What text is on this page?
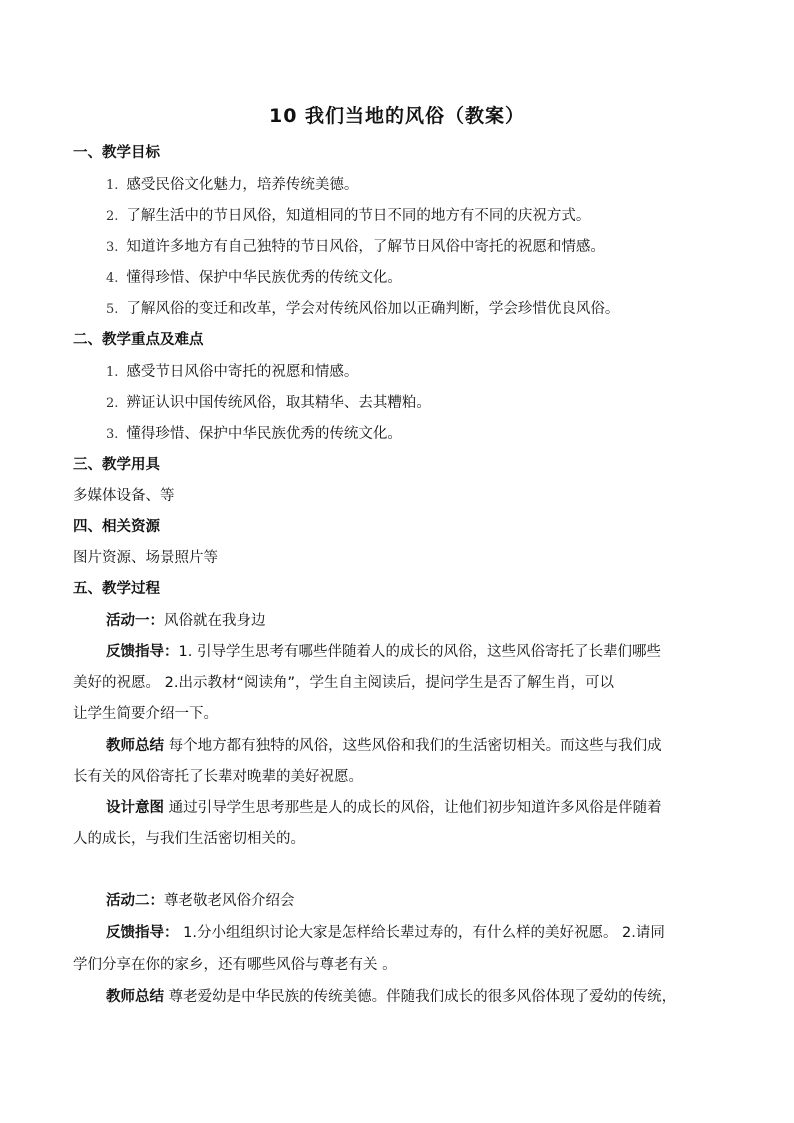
10 我们当地的风俗（教案）
一、教学目标
1. 感受民俗文化魅力，培养传统美德。
2. 了解生活中的节日风俗，知道相同的节日不同的地方有不同的庆祝方式。
3. 知道许多地方有自己独特的节日风俗，了解节日风俗中寄托的祝愿和情感。
4. 懂得珍惜、保护中华民族优秀的传统文化。
5. 了解风俗的变迁和改革，学会对传统风俗加以正确判断，学会珍惜优良风俗。
二、教学重点及难点
1. 感受节日风俗中寄托的祝愿和情感。
2. 辨证认识中国传统风俗，取其精华、去其糟粕。
3. 懂得珍惜、保护中华民族优秀的传统文化。
三、教学用具
多媒体设备、等
四、相关资源
图片资源、场景照片等
五、教学过程
活动一：风俗就在我身边
反馈指导：1. 引导学生思考有哪些伴随着人的成长的风俗，这些风俗寄托了长辈们哪些
美好的祝愿。 2.出示教材“阅读角”，学生自主阅读后，提问学生是否了解生肖，可以
让学生简要介绍一下。
教师总结 每个地方都有独特的风俗，这些风俗和我们的生活密切相关。而这些与我们成
长有关的风俗寄托了长辈对晚辈的美好祝愿。
设计意图 通过引导学生思考那些是人的成长的风俗，让他们初步知道许多风俗是伴随着
人的成长，与我们生活密切相关的。
活动二：尊老敬老风俗介绍会
反馈指导： 1.分小组组织讨论大家是怎样给长辈过寿的，有什么样的美好祝愿。 2.请同
学们分享在你的家乡，还有哪些风俗与尊老有关 。
教师总结 尊老爱幼是中华民族的传统美德。伴随我们成长的很多风俗体现了爱幼的传统，
